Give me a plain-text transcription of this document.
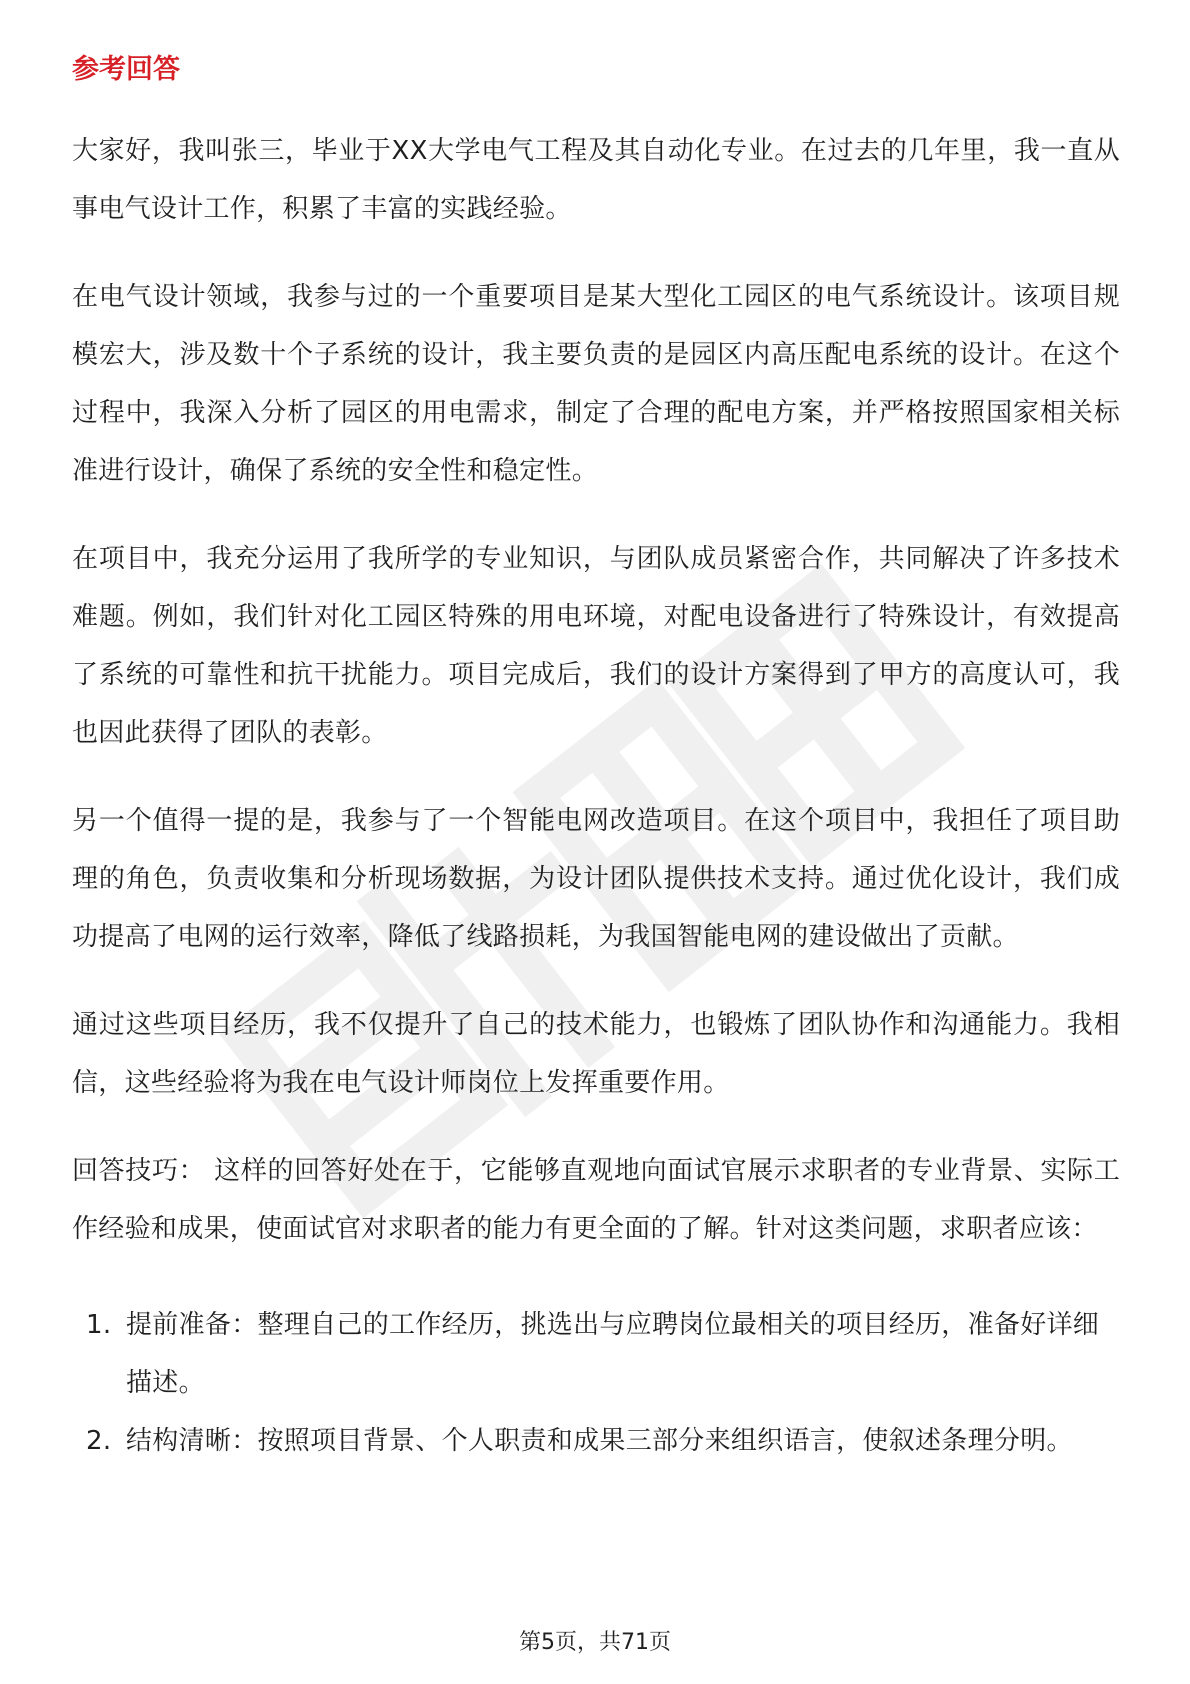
参考回答

大家好，我叫张三，毕业于XX大学电气工程及其自动化专业。在过去的几年里，我一直从事电气设计工作，积累了丰富的实践经验。

在电气设计领域，我参与过的一个重要项目是某大型化工园区的电气系统设计。该项目规模宏大，涉及数十个子系统的设计，我主要负责的是园区内高压配电系统的设计。在这个过程中，我深入分析了园区的用电需求，制定了合理的配电方案，并严格按照国家相关标准进行设计，确保了系统的安全性和稳定性。

在项目中，我充分运用了我所学的专业知识，与团队成员紧密合作，共同解决了许多技术难题。例如，我们针对化工园区特殊的用电环境，对配电设备进行了特殊设计，有效提高了系统的可靠性和抗干扰能力。项目完成后，我们的设计方案得到了甲方的高度认可，我也因此获得了团队的表彰。

另一个值得一提的是，我参与了一个智能电网改造项目。在这个项目中，我担任了项目助理的角色，负责收集和分析现场数据，为设计团队提供技术支持。通过优化设计，我们成功提高了电网的运行效率，降低了线路损耗，为我国智能电网的建设做出了贡献。

通过这些项目经历，我不仅提升了自己的技术能力，也锻炼了团队协作和沟通能力。我相信，这些经验将为我在电气设计师岗位上发挥重要作用。

回答技巧： 这样的回答好处在于，它能够直观地向面试官展示求职者的专业背景、实际工作经验和成果，使面试官对求职者的能力有更全面的了解。针对这类问题，求职者应该：

1. 提前准备：整理自己的工作经历，挑选出与应聘岗位最相关的项目经历，准备好详细描述。
2. 结构清晰：按照项目背景、个人职责和成果三部分来组织语言，使叙述条理分明。
第5页，共71页
